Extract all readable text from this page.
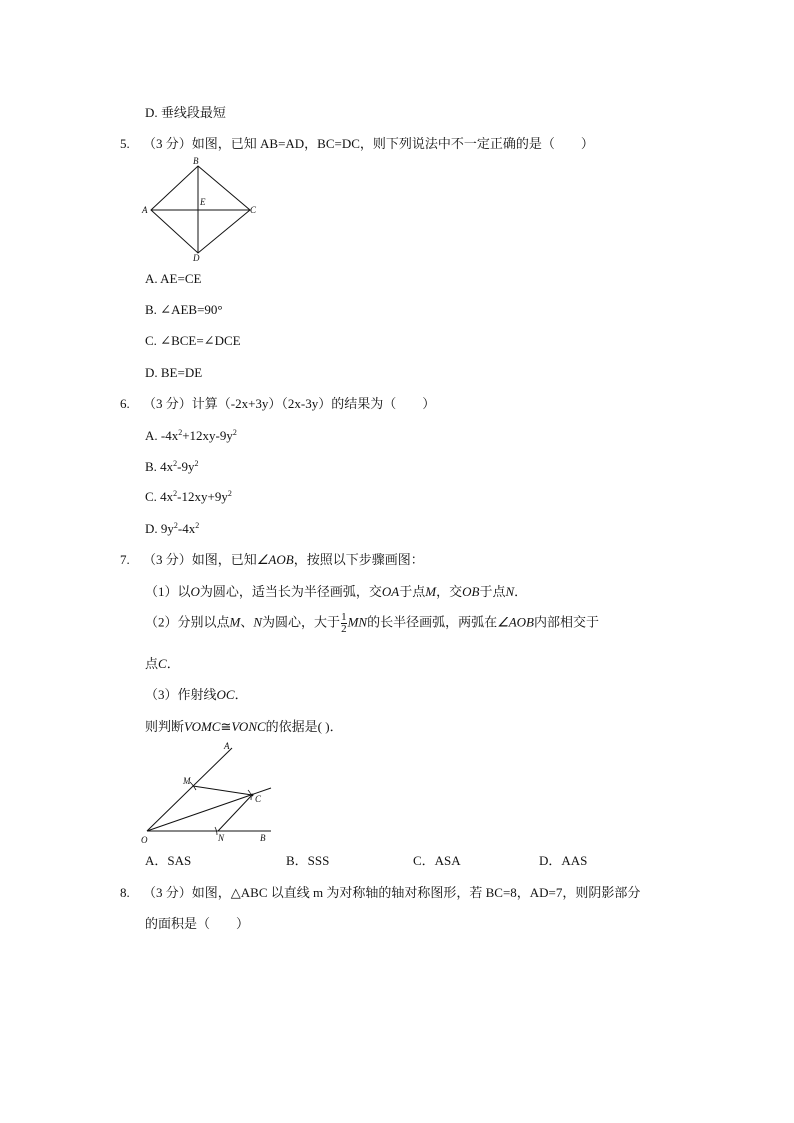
D. 垂线段最短
5. （3 分）如图，已知 AB=AD，BC=DC，则下列说法中不一定正确的是（　　）
B
A
E
C
D
A. AE=CE
B. ∠AEB=90°
C. ∠BCE=∠DCE
D. BE=DE
6. （3 分）计算（-2x+3y）（2x-3y）的结果为（　　）
A. $-4x^2+12xy-9y^2$
B. $4x^2-9y^2$
C. $4x^2-12xy+9y^2$
D. $9y^2-4x^2$
7. （3 分）如图，已知∠AOB，按照以下步骤画图：
（1）以O为圆心，适当长为半径画弧，交OA于点M，交OB于点N．
（2）分别以点M、N为圆心，大于 $\frac{1}{2}$ MN的长半径画弧，两弧在∠AOB内部相交于
点C．
（3）作射线OC．
则判断VOMC≅VONC的依据是( )．
A
M
C
O	N	B
A．SAS	B．SSS	C．ASA	D．AAS
8. （3 分）如图，△ABC 以直线 m 为对称轴的轴对称图形，若 BC=8，AD=7，则阴影部分
的面积是（　　）
